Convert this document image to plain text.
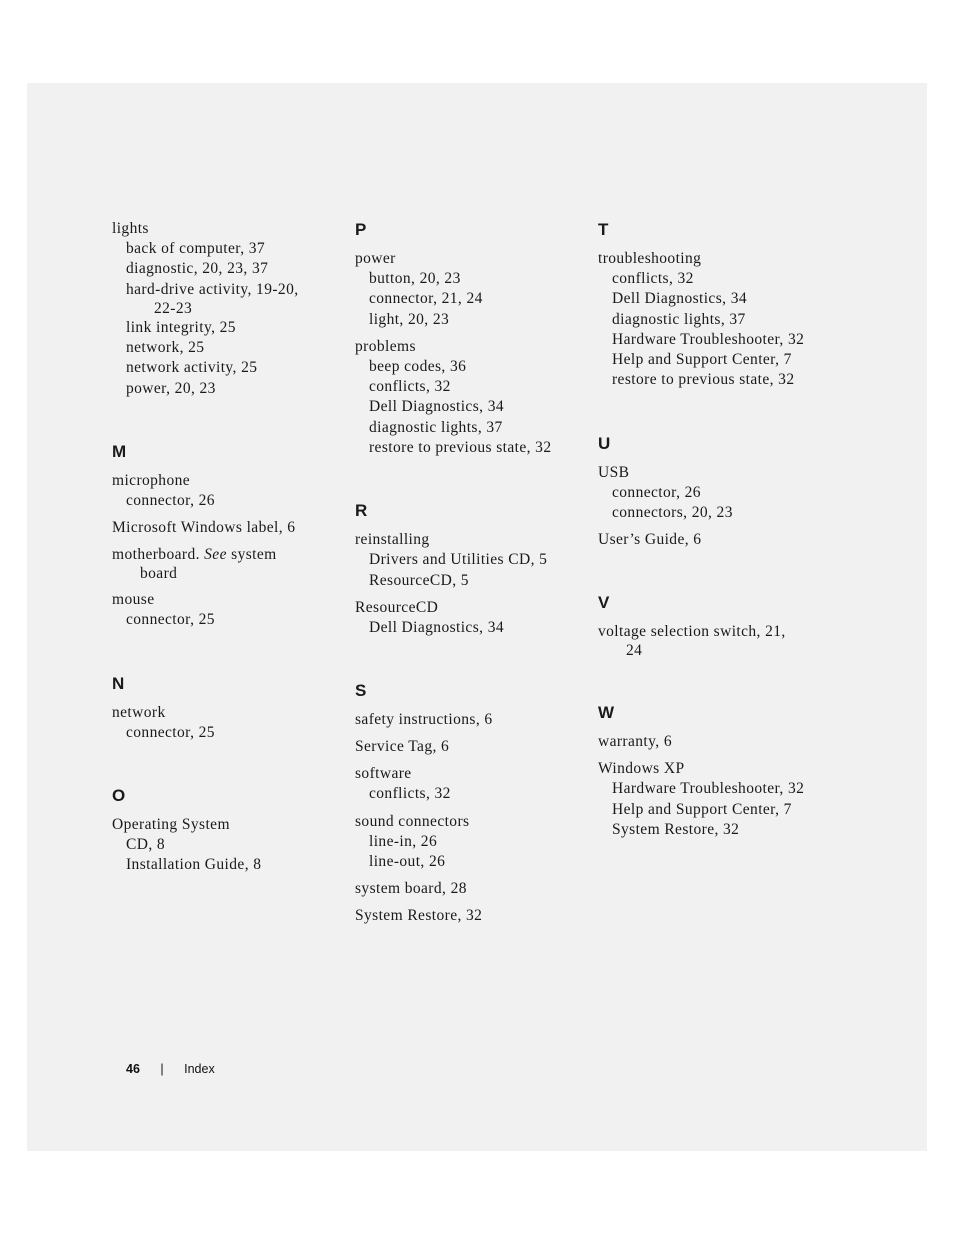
lights
back of computer, 37
diagnostic, 20, 23, 37
hard-drive activity, 19-20,
22-23
link integrity, 25
network, 25
network activity, 25
power, 20, 23
M
microphone
connector, 26
Microsoft Windows label, 6
motherboard. See system
board
mouse
connector, 25
N
network
connector, 25
O
Operating System
CD, 8
Installation Guide, 8
P
power
button, 20, 23
connector, 21, 24
light, 20, 23
problems
beep codes, 36
conflicts, 32
Dell Diagnostics, 34
diagnostic lights, 37
restore to previous state, 32
R
reinstalling
Drivers and Utilities CD, 5
ResourceCD, 5
ResourceCD
Dell Diagnostics, 34
S
safety instructions, 6
Service Tag, 6
software
conflicts, 32
sound connectors
line-in, 26
line-out, 26
system board, 28
System Restore, 32
T
troubleshooting
conflicts, 32
Dell Diagnostics, 34
diagnostic lights, 37
Hardware Troubleshooter, 32
Help and Support Center, 7
restore to previous state, 32
U
USB
connector, 26
connectors, 20, 23
User’s Guide, 6
V
voltage selection switch, 21,
24
W
warranty, 6
Windows XP
Hardware Troubleshooter, 32
Help and Support Center, 7
System Restore, 32
46 | Index
